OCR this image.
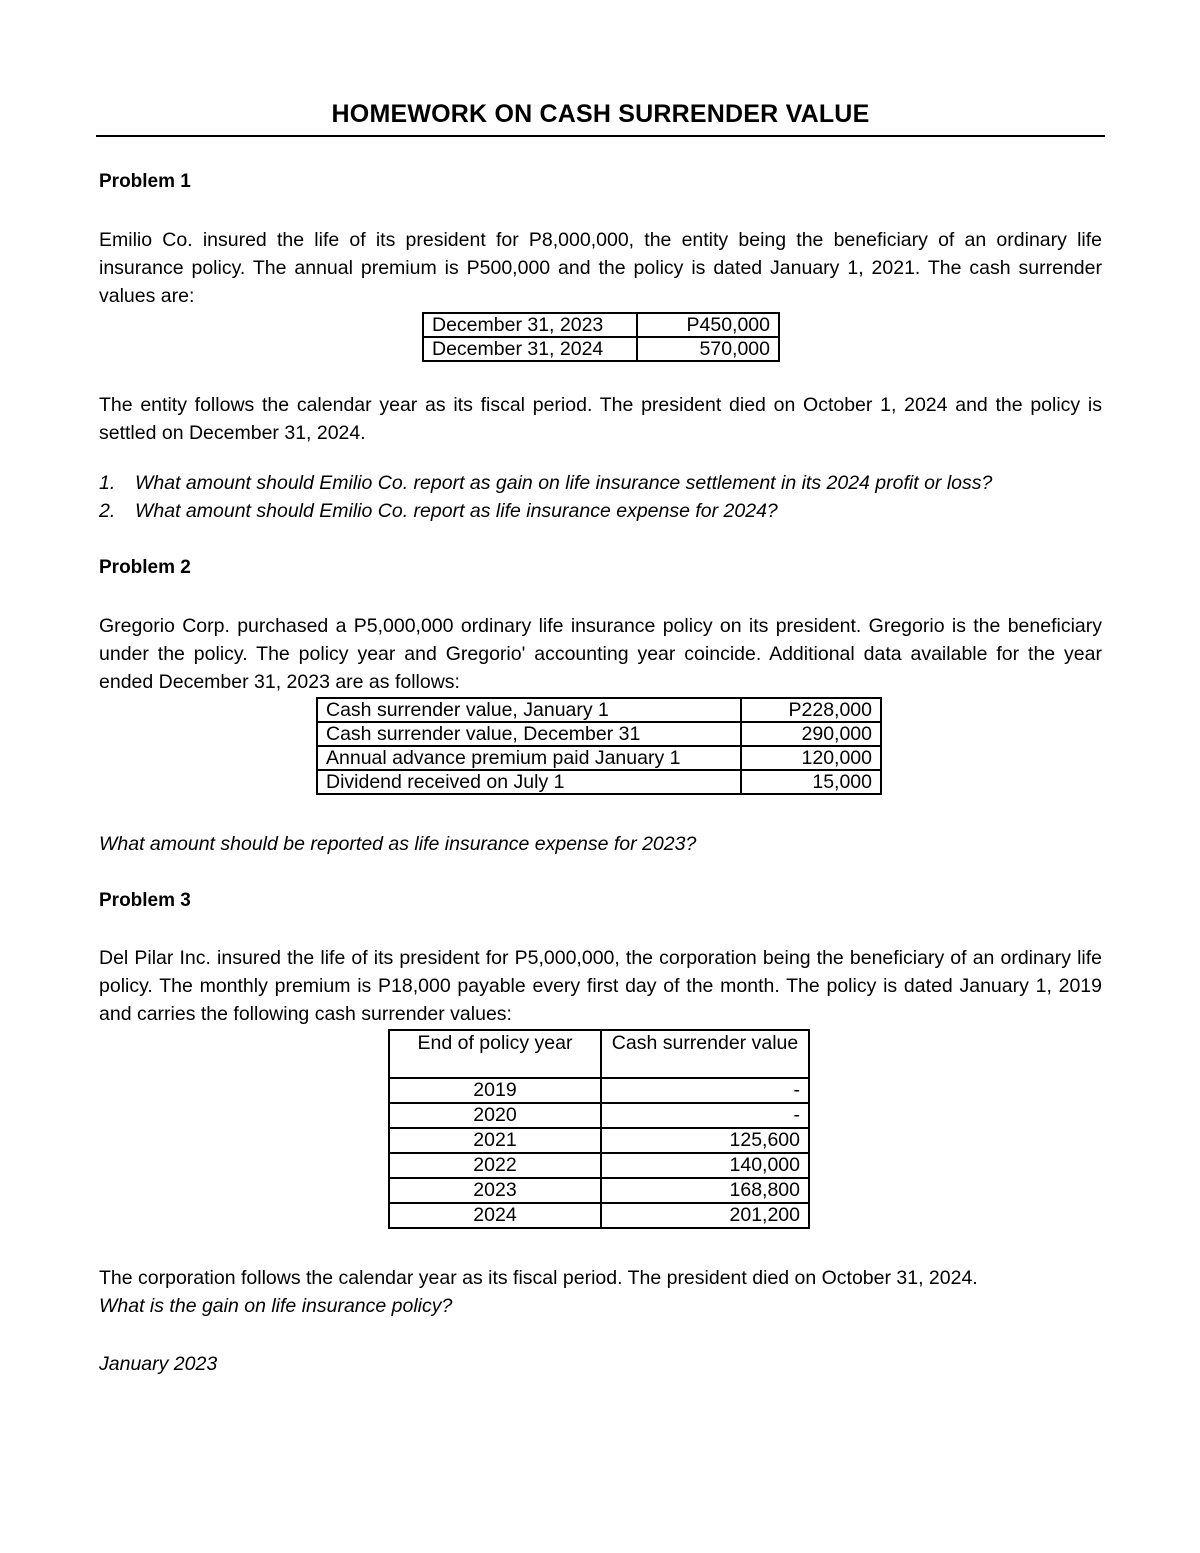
HOMEWORK ON CASH SURRENDER VALUE
Problem 1
Emilio Co. insured the life of its president for P8,000,000, the entity being the beneficiary of an ordinary life insurance policy. The annual premium is P500,000 and the policy is dated January 1, 2021. The cash surrender values are:
December 31, 2023	P450,000
December 31, 2024	570,000
The entity follows the calendar year as its fiscal period. The president died on October 1, 2024 and the policy is settled on December 31, 2024.
1. What amount should Emilio Co. report as gain on life insurance settlement in its 2024 profit or loss?
2. What amount should Emilio Co. report as life insurance expense for 2024?
Problem 2
Gregorio Corp. purchased a P5,000,000 ordinary life insurance policy on its president. Gregorio is the beneficiary under the policy. The policy year and Gregorio' accounting year coincide. Additional data available for the year ended December 31, 2023 are as follows:
Cash surrender value, January 1	P228,000
Cash surrender value, December 31	290,000
Annual advance premium paid January 1	120,000
Dividend received on July 1	15,000
What amount should be reported as life insurance expense for 2023?
Problem 3
Del Pilar Inc. insured the life of its president for P5,000,000, the corporation being the beneficiary of an ordinary life policy. The monthly premium is P18,000 payable every first day of the month. The policy is dated January 1, 2019 and carries the following cash surrender values:
End of policy year	Cash surrender value
2019	-
2020	-
2021	125,600
2022	140,000
2023	168,800
2024	201,200
The corporation follows the calendar year as its fiscal period. The president died on October 31, 2024.
What is the gain on life insurance policy?
January 2023
